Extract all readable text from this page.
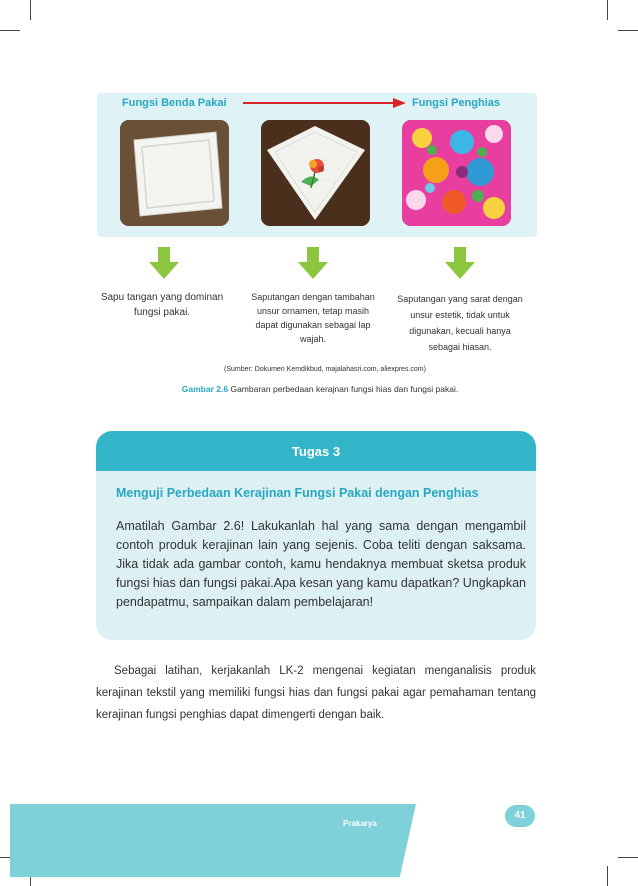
Fungsi Benda Pakai	Fungsi Penghias
Sapu tangan yang dominan fungsi pakai.
Saputangan dengan tambahan unsur ornamen, tetap masih dapat digunakan sebagai lap wajah.
Saputangan yang sarat dengan unsur estetik, tidak untuk digunakan, kecuali hanya sebagai hiasan.
(Sumber: Dokumen Kemdikbud, majalahasri.com, aliexpres.com)
Gambar 2.6 Gambaran perbedaan kerajnan fungsi hias dan fungsi pakai.
Tugas 3
Menguji Perbedaan Kerajinan Fungsi Pakai dengan Penghias
Amatilah Gambar 2.6! Lakukanlah hal yang sama dengan mengambil contoh produk kerajinan lain yang sejenis. Coba teliti dengan saksama. Jika tidak ada gambar contoh, kamu hendaknya membuat sketsa produk fungsi hias dan fungsi pakai.Apa kesan yang kamu dapatkan? Ungkapkan pendapatmu, sampaikan dalam pembelajaran!
Sebagai latihan, kerjakanlah LK-2 mengenai kegiatan menganalisis produk kerajinan tekstil yang memiliki fungsi hias dan fungsi pakai agar pemahaman tentang kerajinan fungsi penghias dapat dimengerti dengan baik.
Prakarya
41
